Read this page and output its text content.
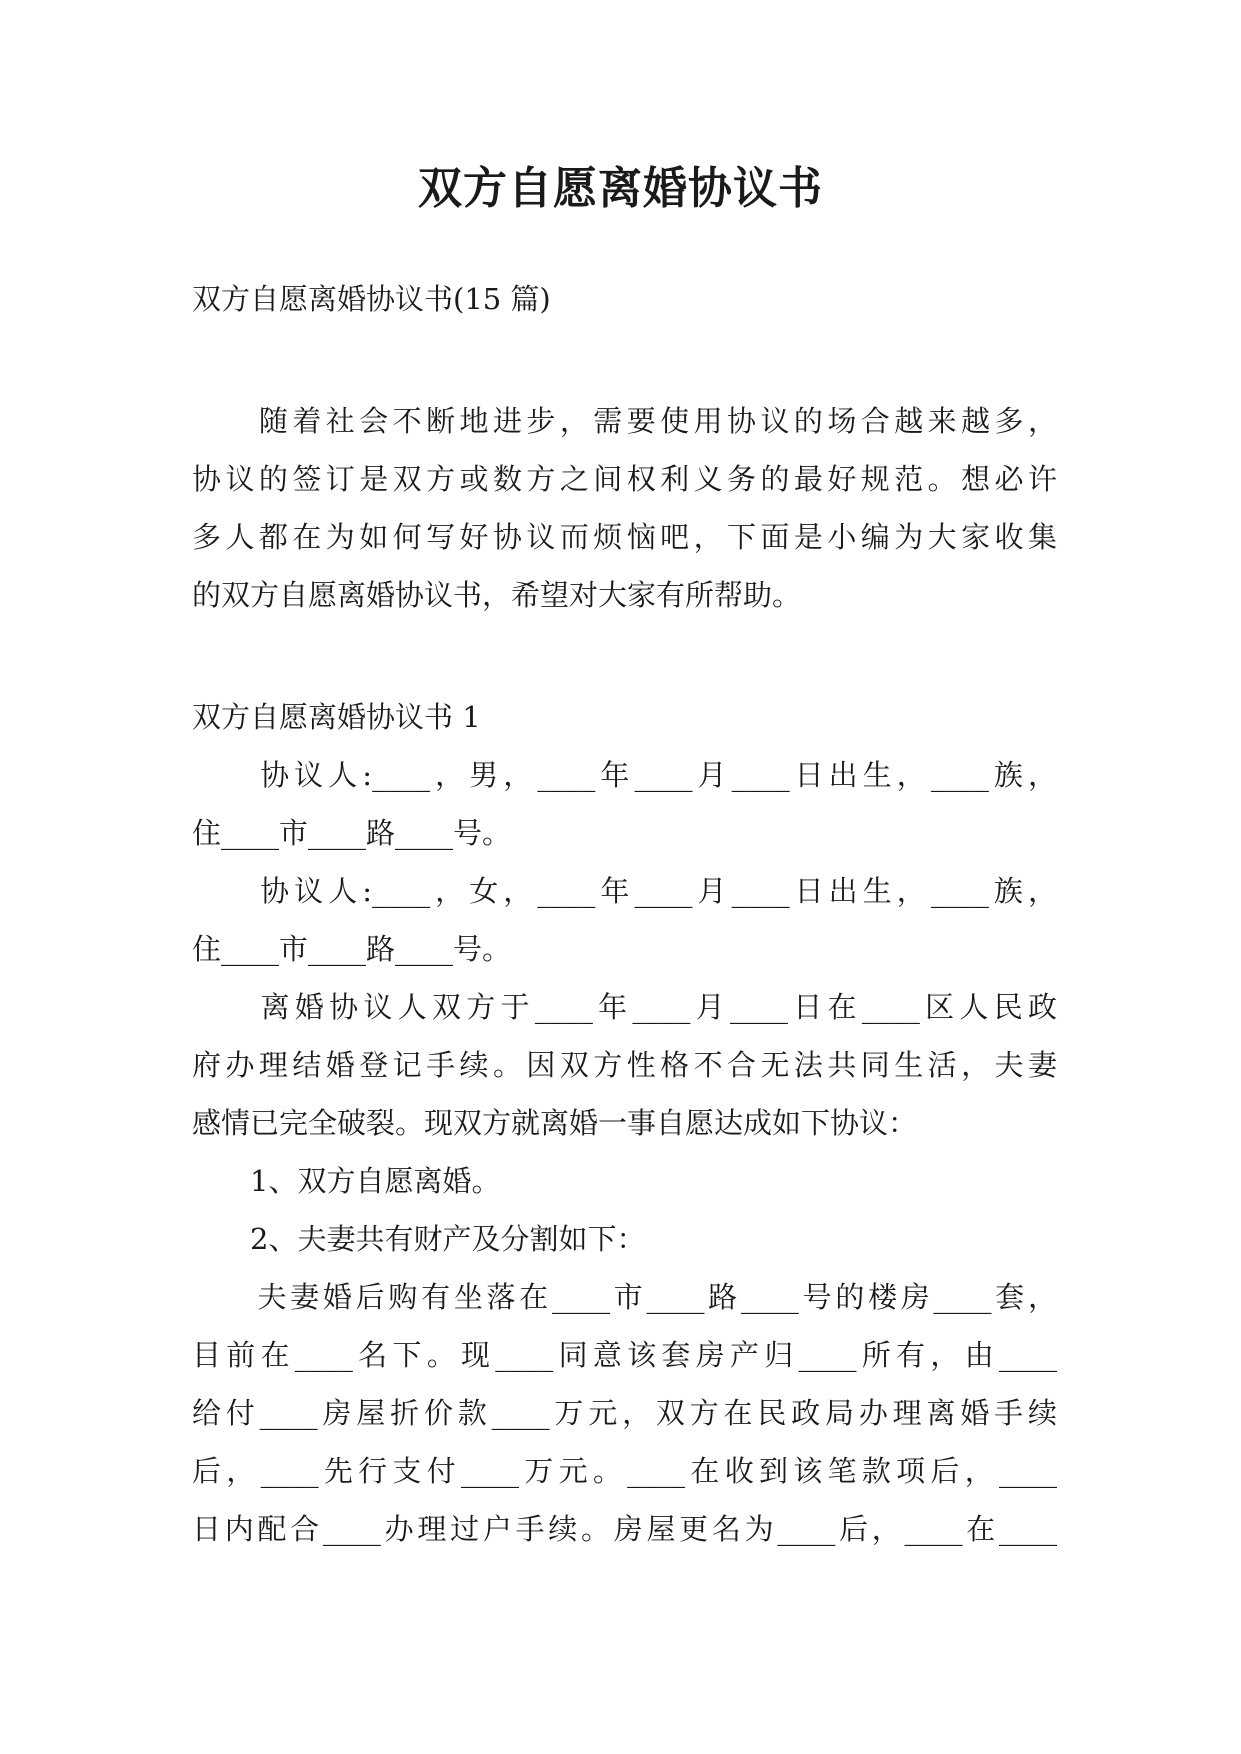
双方自愿离婚协议书
双方自愿离婚协议书(15 篇)
　　随着社会不断地进步，需要使用协议的场合越来越多，
协议的签订是双方或数方之间权利义务的最好规范。想必许
多人都在为如何写好协议而烦恼吧，下面是小编为大家收集
的双方自愿离婚协议书，希望对大家有所帮助。
双方自愿离婚协议书 1
　　协议人:____，男，____年____月____日出生，____族，
住____市____路____号。
　　协议人:____，女，____年____月____日出生，____族，
住____市____路____号。
　　离婚协议人双方于____年____月____日在____区人民政
府办理结婚登记手续。因双方性格不合无法共同生活，夫妻
感情已完全破裂。现双方就离婚一事自愿达成如下协议：
　　1、双方自愿离婚。
　　2、夫妻共有财产及分割如下：
　　夫妻婚后购有坐落在____市____路____号的楼房____套，
目前在____名下。现____同意该套房产归____所有，由____
给付____房屋折价款____万元，双方在民政局办理离婚手续
后，____先行支付____万元。____在收到该笔款项后，____
日内配合____办理过户手续。房屋更名为____后，____在____
